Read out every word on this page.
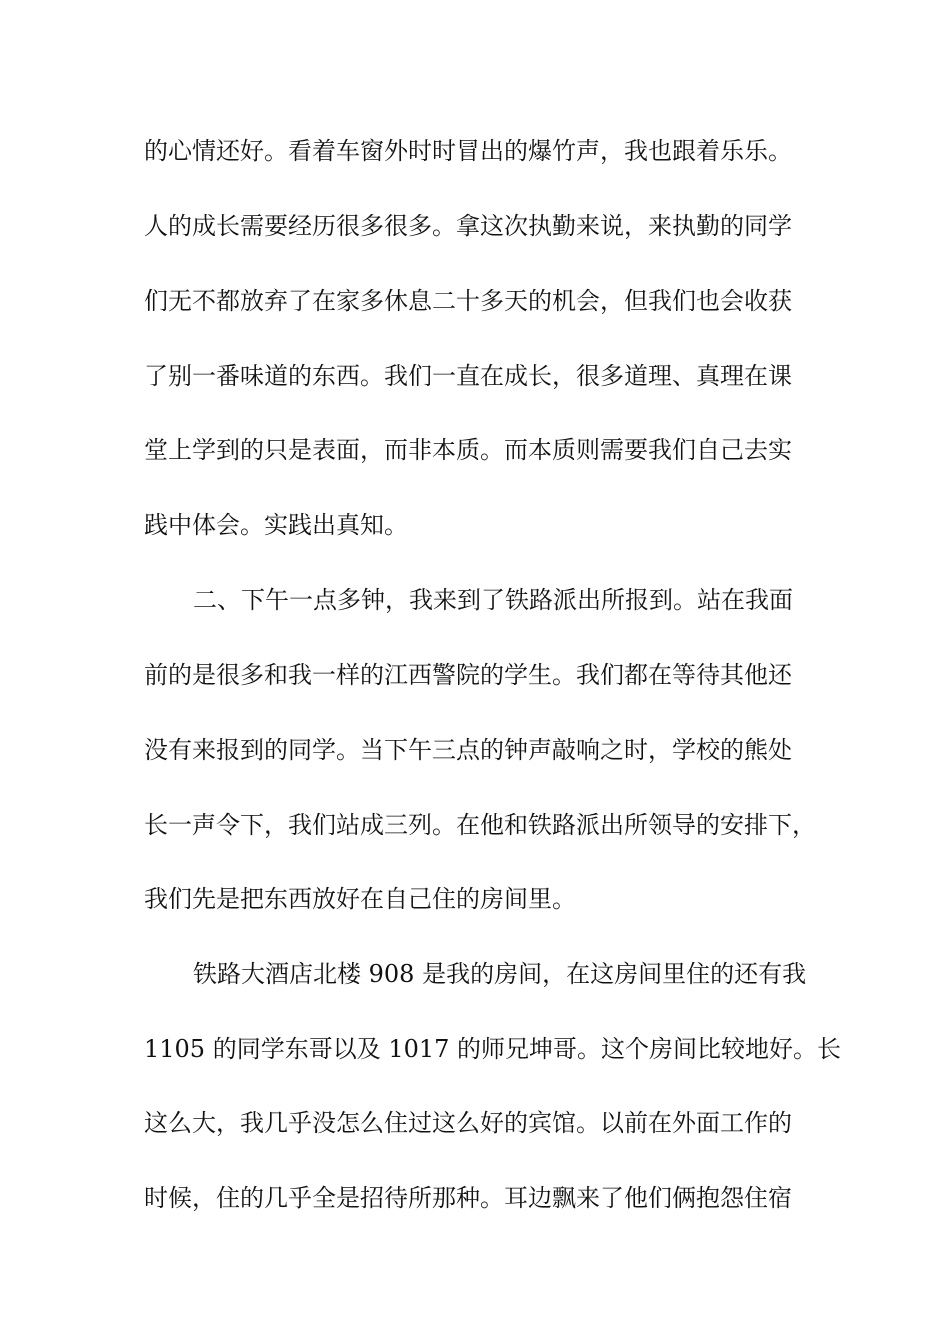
的心情还好。看着车窗外时时冒出的爆竹声，我也跟着乐乐。

人的成长需要经历很多很多。拿这次执勤来说，来执勤的同学

们无不都放弃了在家多休息二十多天的机会，但我们也会收获

了别一番味道的东西。我们一直在成长，很多道理、真理在课

堂上学到的只是表面，而非本质。而本质则需要我们自己去实

践中体会。实践出真知。

二、下午一点多钟，我来到了铁路派出所报到。站在我面

前的是很多和我一样的江西警院的学生。我们都在等待其他还

没有来报到的同学。当下午三点的钟声敲响之时，学校的熊处

长一声令下，我们站成三列。在他和铁路派出所领导的安排下，

我们先是把东西放好在自己住的房间里。

铁路大酒店北楼 908 是我的房间，在这房间里住的还有我

1105 的同学东哥以及 1017 的师兄坤哥。这个房间比较地好。长

这么大，我几乎没怎么住过这么好的宾馆。以前在外面工作的

时候，住的几乎全是招待所那种。耳边飘来了他们俩抱怨住宿
